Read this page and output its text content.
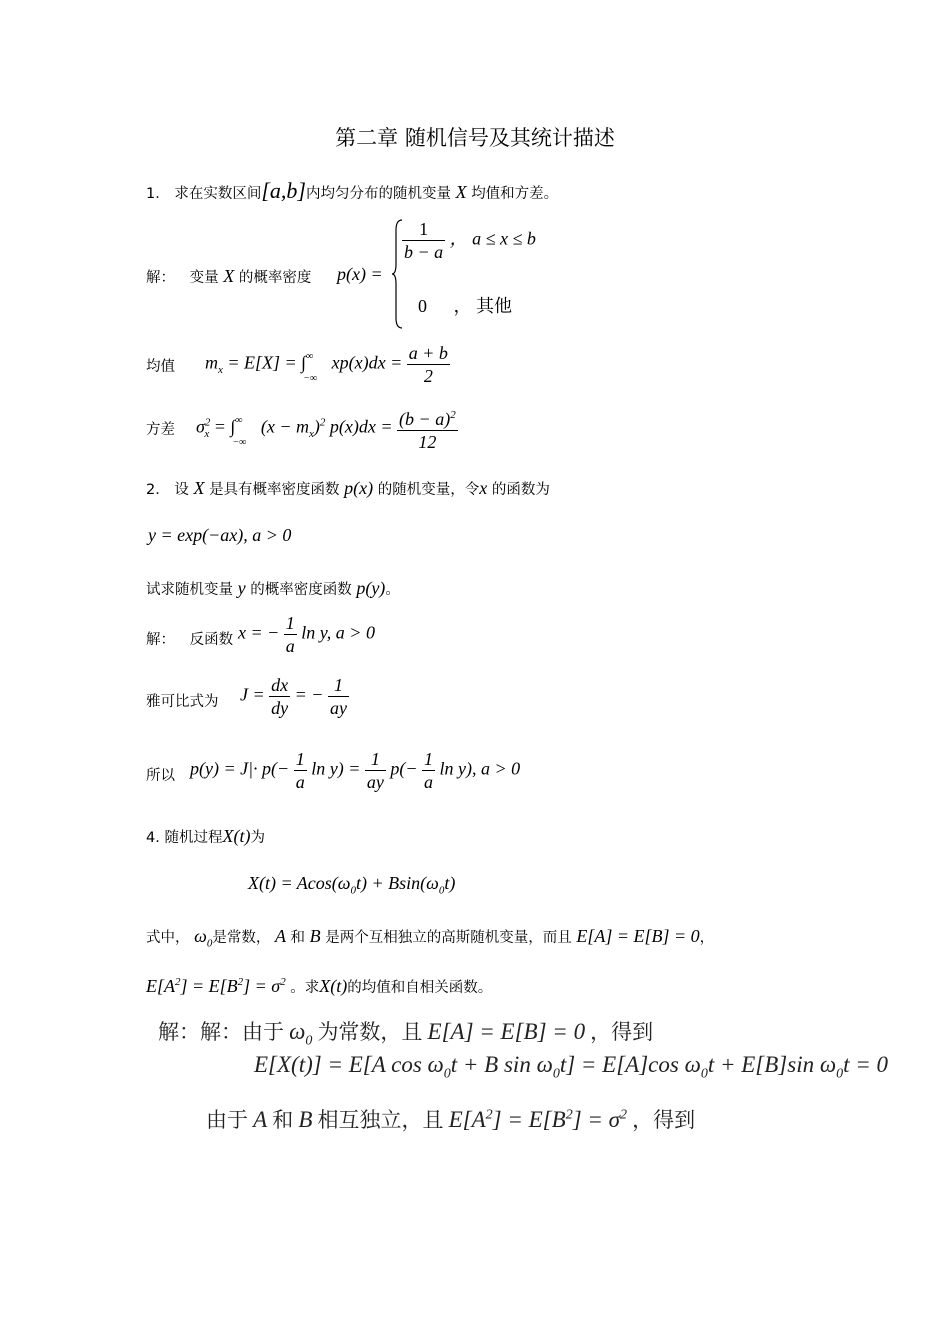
第二章 随机信号及其统计描述
1． 求在实数区间[a,b]内均匀分布的随机变量 X 均值和方差。
解： 变量 X 的概率密度 p(x) =
$\frac{1}{b - a}$ ， a ≤ x ≤ b
0 ， 其他
均值 $m_x = E[X] = \int^\infty_{-\infty}$ $xp(x)dx = \frac{a + b}{2}$
方差 $\sigma^2_x = \int^\infty_{-\infty}$ $(x - m_x)^2$ $p(x)dx = \frac{(b - a)^2}{12}$
2． 设 X 是具有概率密度函数 p(x) 的随机变量，令x 的函数为
y = exp(−ax), a > 0
试求随机变量 y 的概率密度函数 p(y)。
解： 反函数 x = − $\frac{1}{a}$ ln y, a > 0
雅可比式为 $J = \frac{dx}{dy}$ = − $\frac{1}{ay}$
所以 $p(y) = J|\cdot p(- \frac{1}{a}$ $\ln y) = \frac{1}{ay} p(- \frac{1}{a}$ ln y), a > 0
4. 随机过程X(t)为
$X(t) = Acos(\omega_0t) + Bsin(\omega_0t)$
式中， $\omega_0$是常数， A 和 B 是两个互相独立的高斯随机变量，而且 E[A] = E[B] = 0，
$E[A^2] = E[B^2] = \sigma^2$ 。求X(t)的均值和自相关函数。
解：解：由于 $\omega_0$ 为常数，且 E[A] = E[B] = 0 ，得到
E[X(t)] = E[A $\cos \omega_0t + B$ $\sin \omega_0t] = E[A]\cos$ $\omega_0t + E[B]\sin$ $\omega_0t = 0$
由于 A 和 B 相互独立，且 $E[A^2] = E[B^2] = \sigma^2$ ，得到
